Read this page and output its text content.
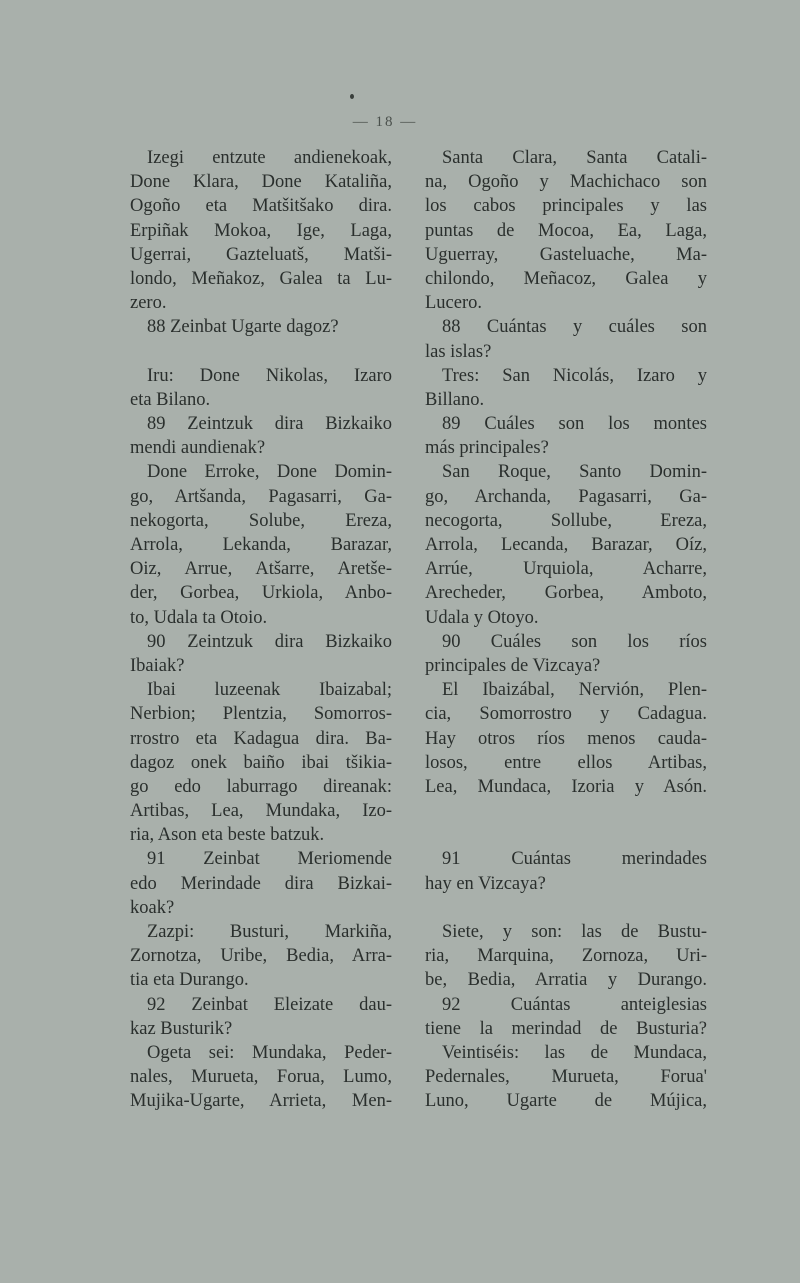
— 18 —
Izegi entzute andienekoak,
Done Klara, Done Kataliña,
Ogoño eta Matšitšako dira.
Erpiñak Mokoa, Ige, Laga,
Ugerrai, Gazteluatš, Matši-
londo, Meñakoz, Galea ta Lu-
zero.
88 Zeinbat Ugarte dagoz?
Iru: Done Nikolas, Izaro
eta Bilano.
89 Zeintzuk dira Bizkaiko
mendi aundienak?
Done Erroke, Done Domin-
go, Artšanda, Pagasarri, Ga-
nekogorta, Solube, Ereza,
Arrola, Lekanda, Barazar,
Oiz, Arrue, Atšarre, Aretše-
der, Gorbea, Urkiola, Anbo-
to, Udala ta Otoio.
90 Zeintzuk dira Bizkaiko
Ibaiak?
Ibai luzeenak Ibaizabal;
Nerbion; Plentzia, Somorros-
rrostro eta Kadagua dira. Ba-
dagoz onek baiño ibai tšikia-
go edo laburrago direanak:
Artibas, Lea, Mundaka, Izo-
ria, Ason eta beste batzuk.
91 Zeinbat Meriomende
edo Merindade dira Bizkai-
koak?
Zazpi: Busturi, Markiña,
Zornotza, Uribe, Bedia, Arra-
tia eta Durango.
92 Zeinbat Eleizate dau-
kaz Busturik?
Ogeta sei: Mundaka, Peder-
nales, Murueta, Forua, Lumo,
Mujika-Ugarte, Arrieta, Men-
Santa Clara, Santa Catali-
na, Ogoño y Machichaco son
los cabos principales y las
puntas de Mocoa, Ea, Laga,
Uguerray, Gasteluache, Ma-
chilondo, Meñacoz, Galea y
Lucero.
88 Cuántas y cuáles son
las islas?
Tres: San Nicolás, Izaro y
Billano.
89 Cuáles son los montes
más principales?
San Roque, Santo Domin-
go, Archanda, Pagasarri, Ga-
necogorta, Sollube, Ereza,
Arrola, Lecanda, Barazar, Oíz,
Arrúe, Urquiola, Acharre,
Arecheder, Gorbea, Amboto,
Udala y Otoyo.
90 Cuáles son los ríos
principales de Vizcaya?
El Ibaizábal, Nervión, Plen-
cia, Somorrostro y Cadagua.
Hay otros ríos menos cauda-
losos, entre ellos Artibas,
Lea, Mundaca, Izoria y Asón.
91 Cuántas merindades
hay en Vizcaya?
Siete, y son: las de Bustu-
ria, Marquina, Zornoza, Uri-
be, Bedia, Arratia y Durango.
92 Cuántas anteiglesias
tiene la merindad de Busturia?
Veintiséis: las de Mundaca,
Pedernales, Murueta, Forua'
Luno, Ugarte de Mújica,
